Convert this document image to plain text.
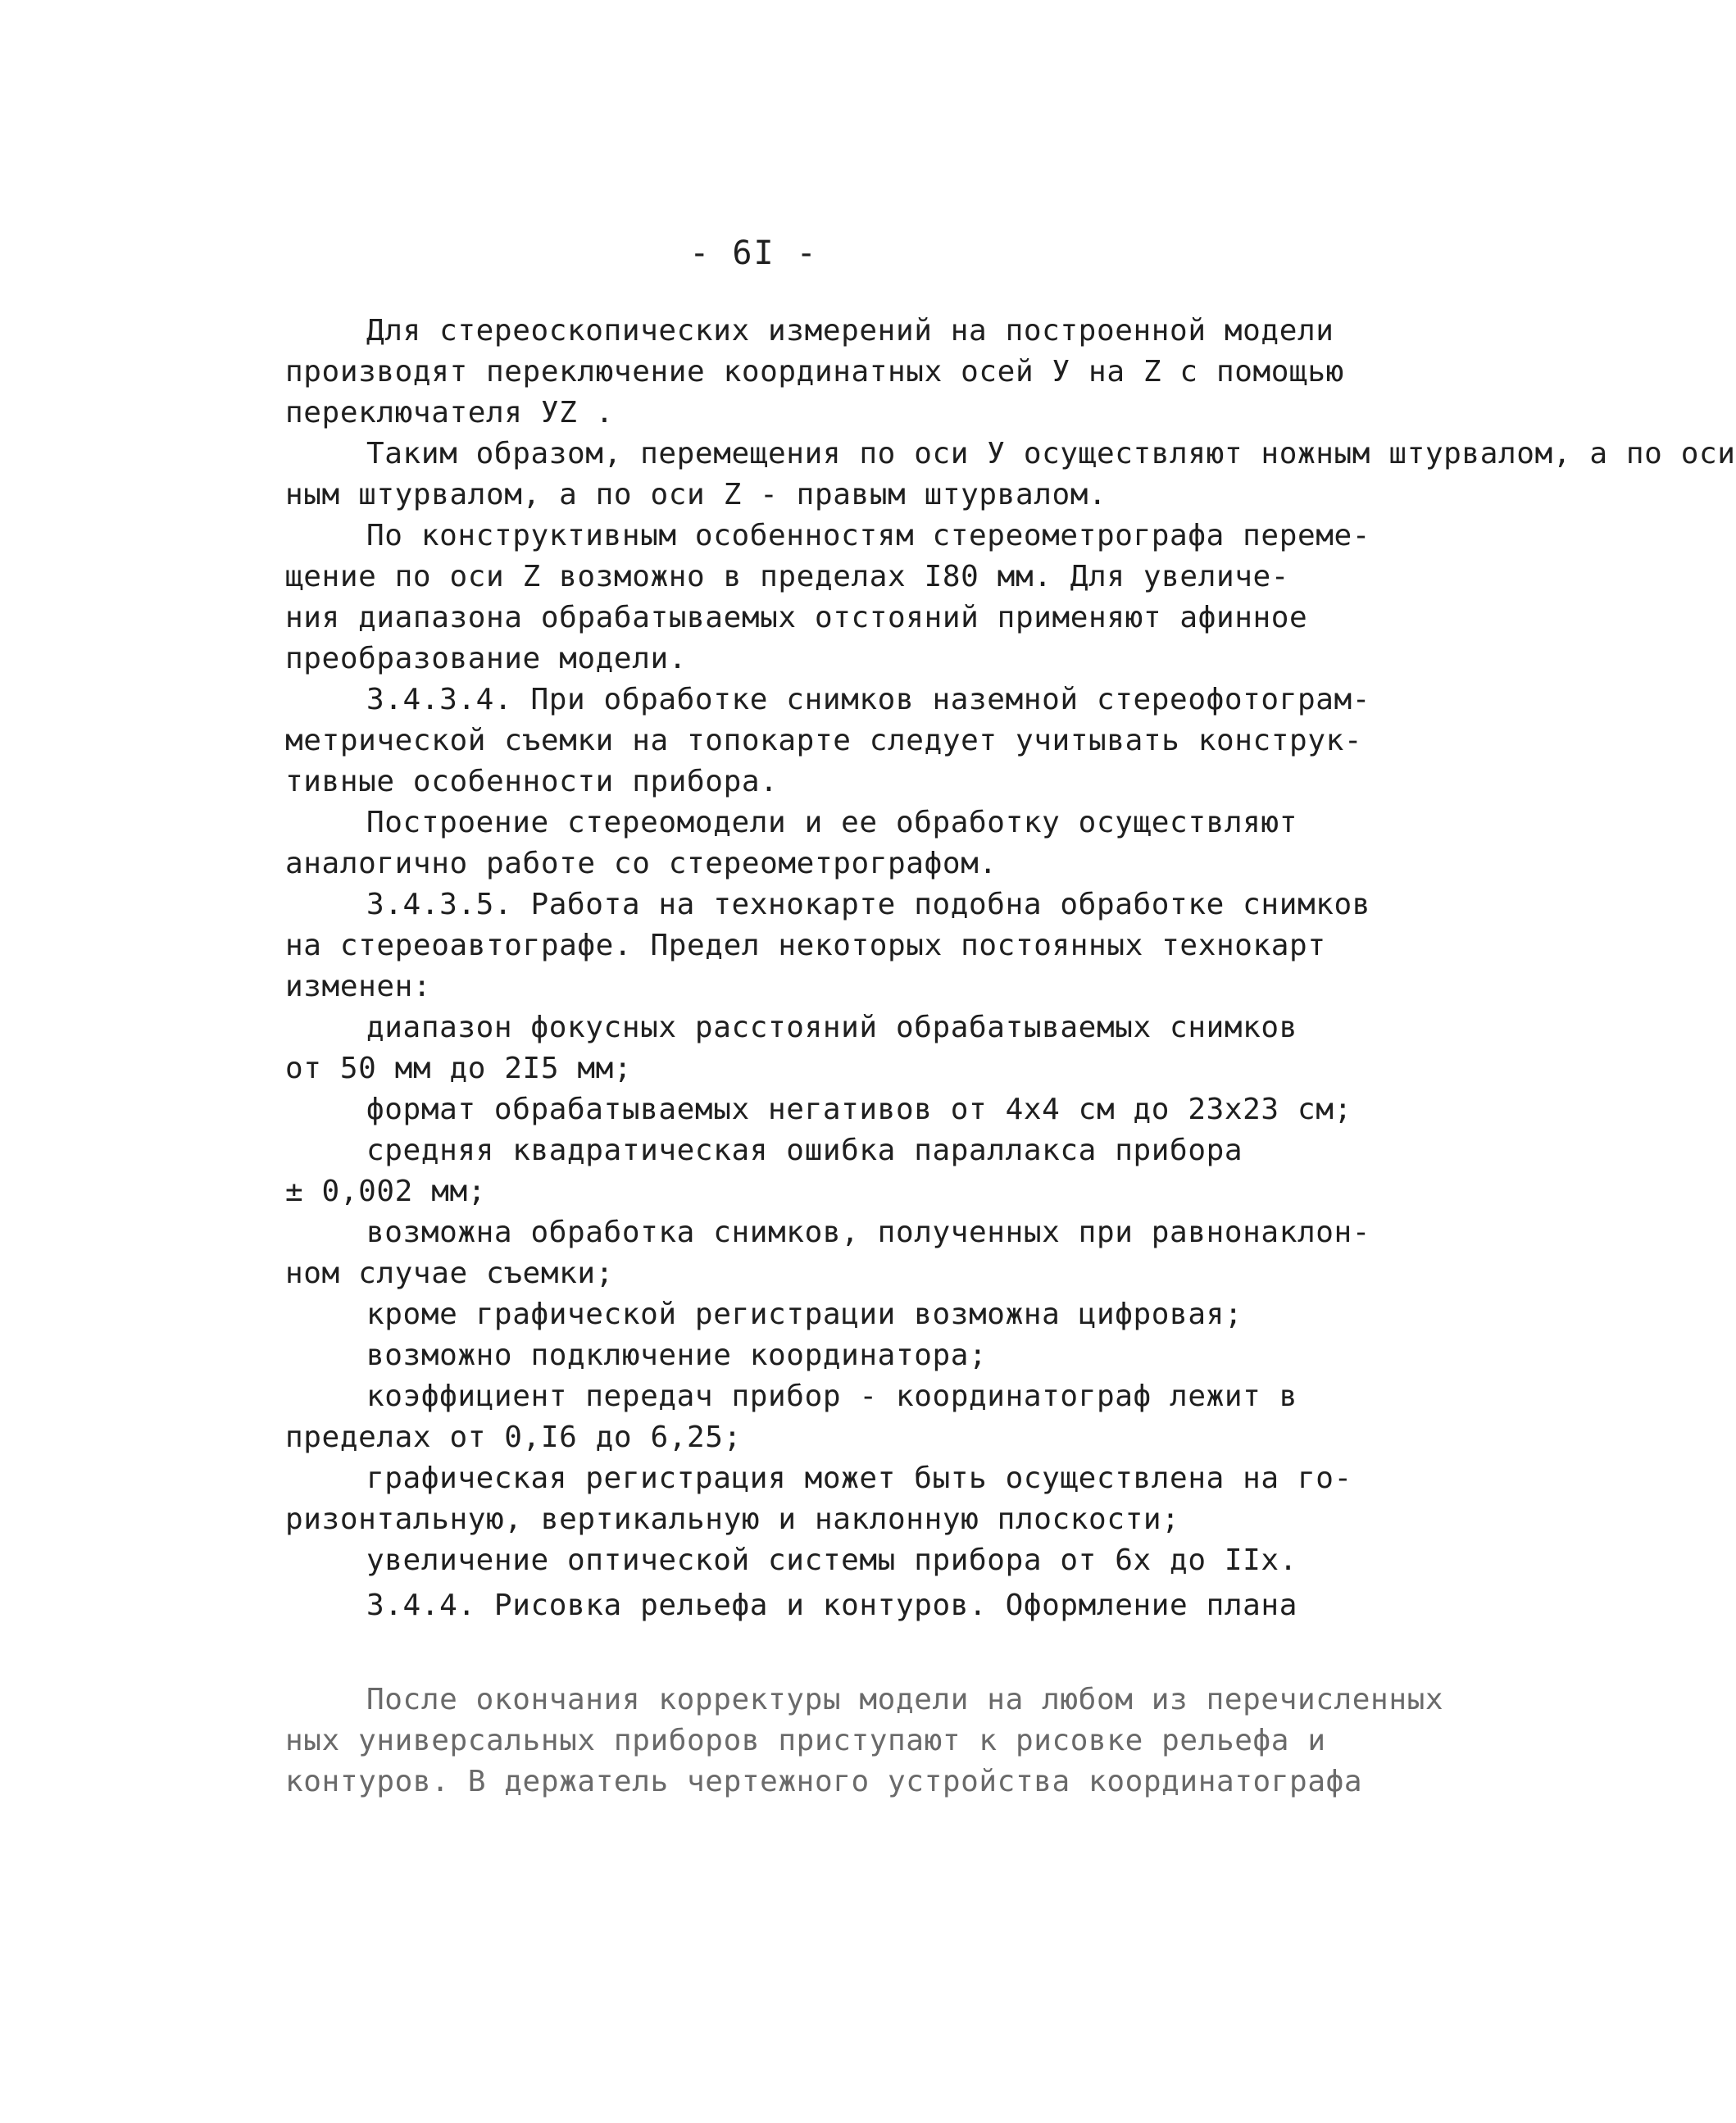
- 6I -
Для стереоскопических измерений на построенной модели
производят переключение координатных осей У на Z с помощью
переключателя УZ .
Таким образом, перемещения по оси У осуществляют ножным штурвалом, а по оси
ным штурвалом, а по оси Z - правым штурвалом.
По конструктивным особенностям стереометрографа переме-
щение по оси Z возможно в пределах I80 мм. Для увеличе-
ния диапазона обрабатываемых отстояний применяют афинное
преобразование модели.
3.4.3.4. При обработке снимков наземной стереофотограм-
метрической съемки на топокарте следует учитывать конструк-
тивные особенности прибора.
Построение стереомодели и ее обработку осуществляют
аналогично работе со стереометрографом.
3.4.3.5. Работа на технокарте подобна обработке снимков
на стереоавтографе. Предел некоторых постоянных технокарт
изменен:
диапазон фокусных расстояний обрабатываемых снимков
от 50 мм до 2I5 мм;
формат обрабатываемых негативов от 4х4 см до 23х23 см;
средняя квадратическая ошибка параллакса прибора
± 0,002 мм;
возможна обработка снимков, полученных при равнонаклон-
ном случае съемки;
кроме графической регистрации возможна цифровая;
возможно подключение координатора;
коэффициент передач прибор - координатограф лежит в
пределах от 0,I6 до 6,25;
графическая регистрация может быть осуществлена на го-
ризонтальную, вертикальную и наклонную плоскости;
увеличение оптической системы прибора от 6х до IIх.
3.4.4. Рисовка рельефа и контуров. Оформление плана
После окончания корректуры модели на любом из перечисленных
ных универсальных приборов приступают к рисовке рельефа и
контуров. В держатель чертежного устройства координатографа
